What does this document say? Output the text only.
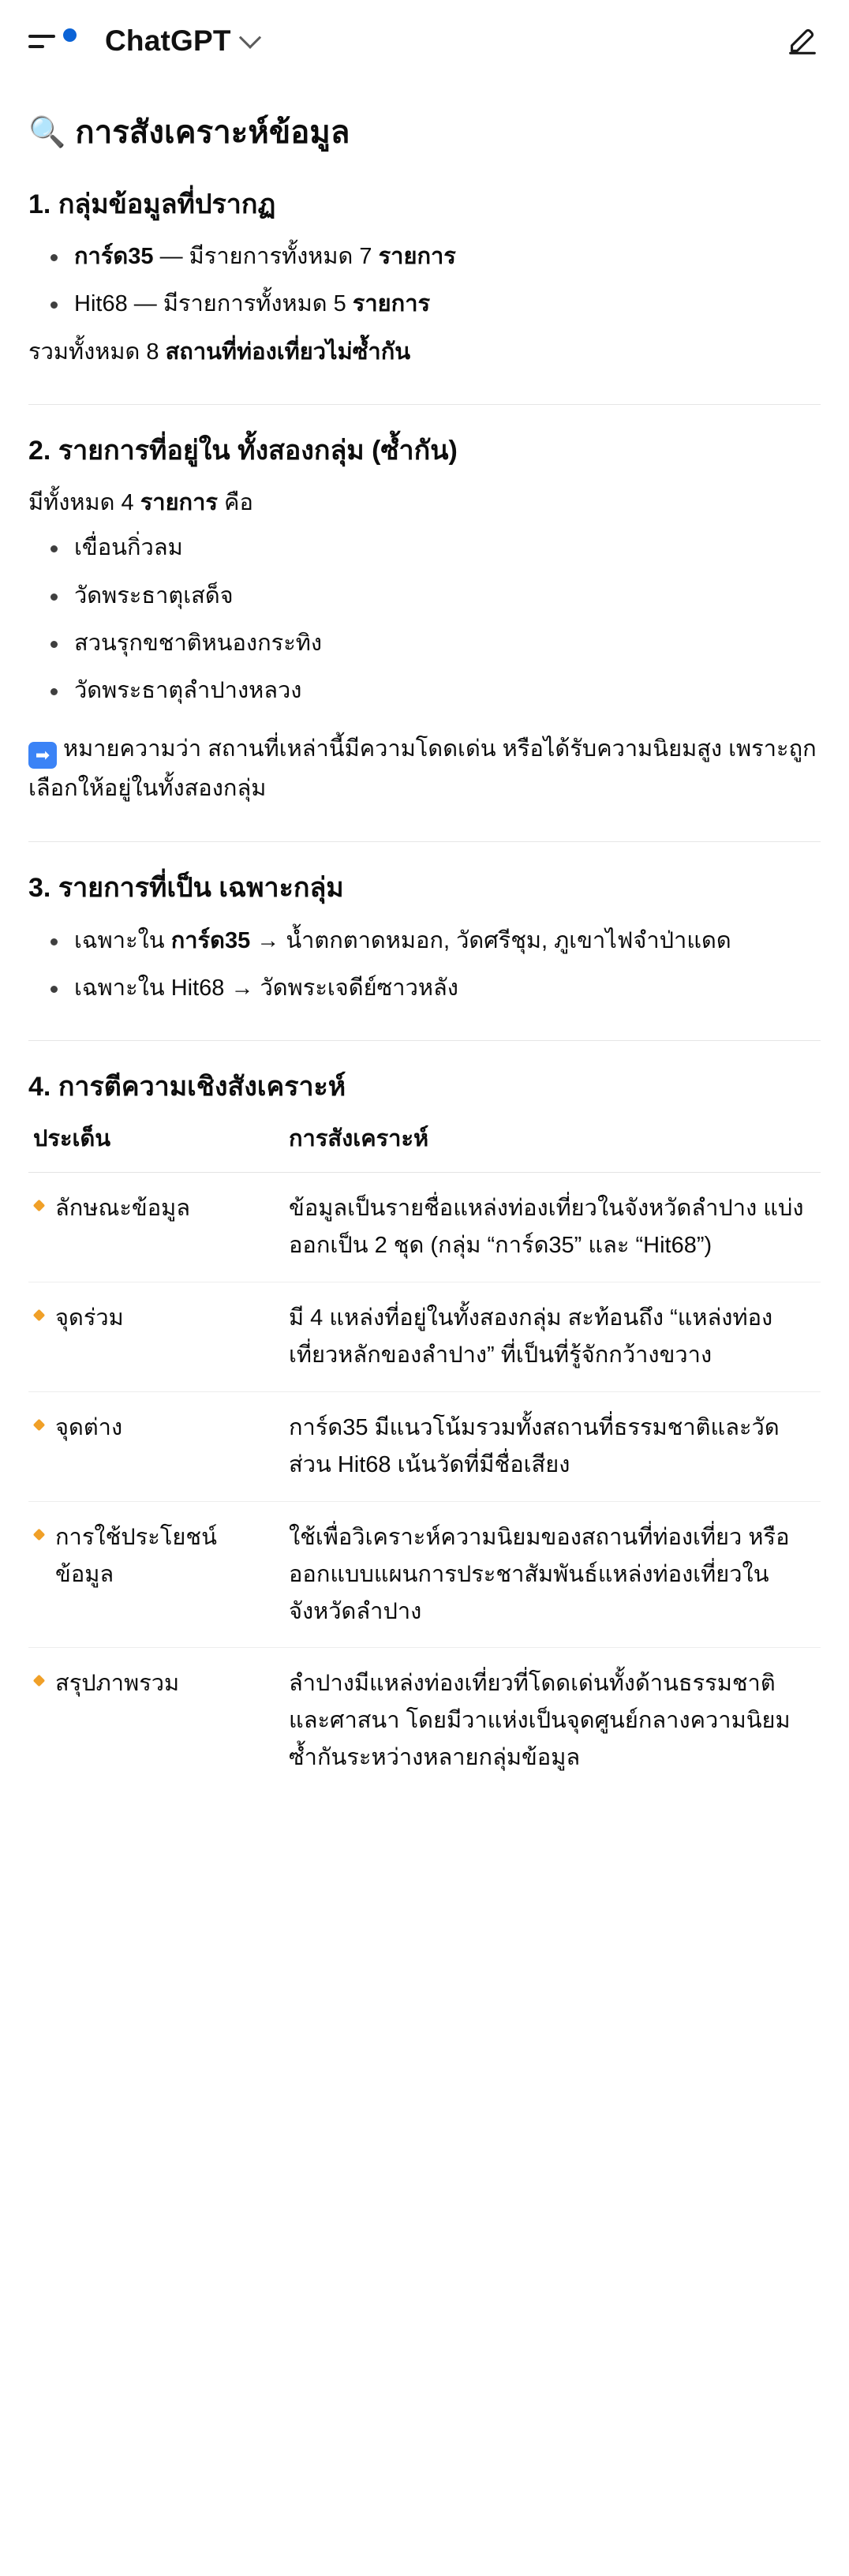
ChatGPT
🔍 การสังเคราะห์ข้อมูล
1. กลุ่มข้อมูลที่ปรากฏ
การ์ด35 — มีรายการทั้งหมด 7 รายการ
Hit68 — มีรายการทั้งหมด 5 รายการ

รวมทั้งหมด 8 สถานที่ท่องเที่ยวไม่ซ้ำกัน

2. รายการที่อยู่ใน ทั้งสองกลุ่ม (ซ้ำกัน)

มีทั้งหมด 4 รายการ คือ

เขื่อนกิ่วลม
วัดพระธาตุเสด็จ
สวนรุกขชาติหนองกระทิง
วัดพระธาตุลำปางหลวง

➡ หมายความว่า สถานที่เหล่านี้มีความโดดเด่น หรือได้รับความนิยมสูง เพราะถูกเลือกให้อยู่ในทั้งสองกลุ่ม

3. รายการที่เป็น เฉพาะกลุ่ม
เฉพาะใน การ์ด35 → น้ำตกตาดหมอก, วัดศรีชุม, ภูเขาไฟจำป่าแดด
เฉพาะใน Hit68 → วัดพระเจดีย์ซาวหลัง
4. การตีความเชิงสังเคราะห์
ประเด็น	การสังเคราะห์
ลักษณะข้อมูล	ข้อมูลเป็นรายชื่อแหล่งท่องเที่ยวในจังหวัดลำปาง แบ่งออกเป็น 2 ชุด (กลุ่ม “การ์ด35” และ “Hit68”)
จุดร่วม	มี 4 แหล่งที่อยู่ในทั้งสองกลุ่ม สะท้อนถึง “แหล่งท่องเที่ยวหลักของลำปาง” ที่เป็นที่รู้จักกว้างขวาง
จุดต่าง	การ์ด35 มีแนวโน้มรวมทั้งสถานที่ธรรมชาติและวัด ส่วน Hit68 เน้นวัดที่มีชื่อเสียง
การใช้ประโยชน์ข้อมูล	ใช้เพื่อวิเคราะห์ความนิยมของสถานที่ท่องเที่ยว หรือออกแบบแผนการประชาสัมพันธ์แหล่งท่องเที่ยวในจังหวัดลำปาง
สรุปภาพรวม	ลำปางมีแหล่งท่องเที่ยวที่โดดเด่นทั้งด้านธรรมชาติและศาสนา โดยมีวาแห่งเป็นจุดศูนย์กลางความนิยมซ้ำกันระหว่างหลายกลุ่มข้อมูล
